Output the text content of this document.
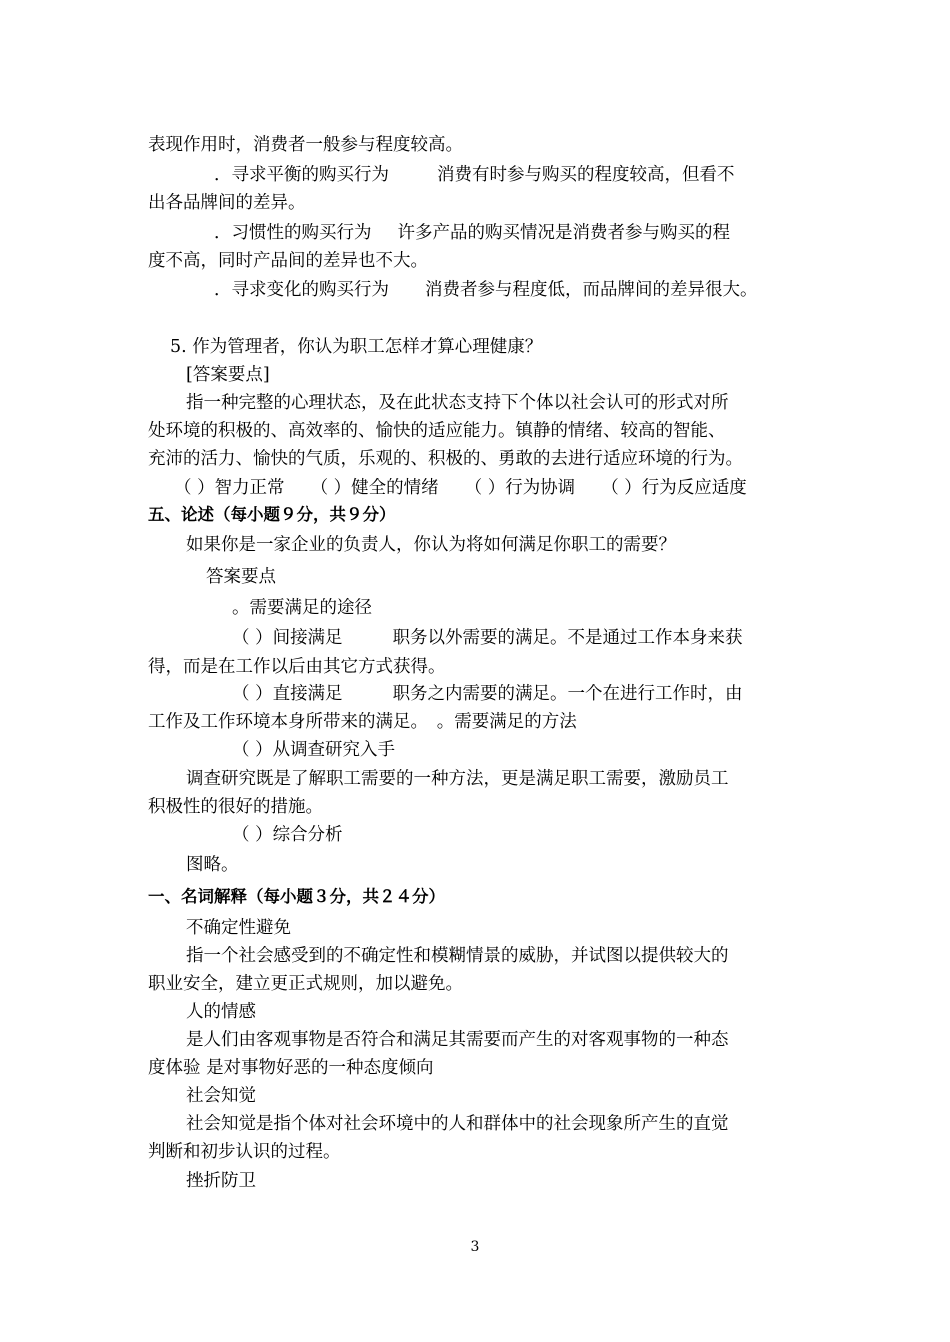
表现作用时，消费者一般参与程度较高。
．寻求平衡的购买行为	消费有时参与购买的程度较高，但看不
出各品牌间的差异。
．习惯性的购买行为 许多产品的购买情况是消费者参与购买的程
度不高，同时产品间的差异也不大。
．寻求变化的购买行为 消费者参与程度低，而品牌间的差异很大。
5. 作为管理者，你认为职工怎样才算心理健康？
[答案要点]
指一种完整的心理状态，及在此状态支持下个体以社会认可的形式对所
处环境的积极的、高效率的、愉快的适应能力。镇静的情绪、较高的智能、
充沛的活力、愉快的气质，乐观的、积极的、勇敢的去进行适应环境的行为。
（ ）智力正常 （ ）健全的情绪 （ ）行为协调 （ ）行为反应适度
五、论述（每小题９分，共９分）
如果你是一家企业的负责人，你认为将如何满足你职工的需要？
答案要点
。需要满足的途径
（ ）间接满足	职务以外需要的满足。不是通过工作本身来获
得，而是在工作以后由其它方式获得。
（ ）直接满足	职务之内需要的满足。一个在进行工作时，由
工作及工作环境本身所带来的满足。　。需要满足的方法
（ ）从调查研究入手
调查研究既是了解职工需要的一种方法，更是满足职工需要，激励员工
积极性的很好的措施。
（ ）综合分析
图略。
一、名词解释（每小题３分，共２４分）
不确定性避免
指一个社会感受到的不确定性和模糊情景的威胁，并试图以提供较大的
职业安全，建立更正式规则，加以避免。
人的情感
是人们由客观事物是否符合和满足其需要而产生的对客观事物的一种态
度体验 是对事物好恶的一种态度倾向
社会知觉
社会知觉是指个体对社会环境中的人和群体中的社会现象所产生的直觉
判断和初步认识的过程。
挫折防卫
3
